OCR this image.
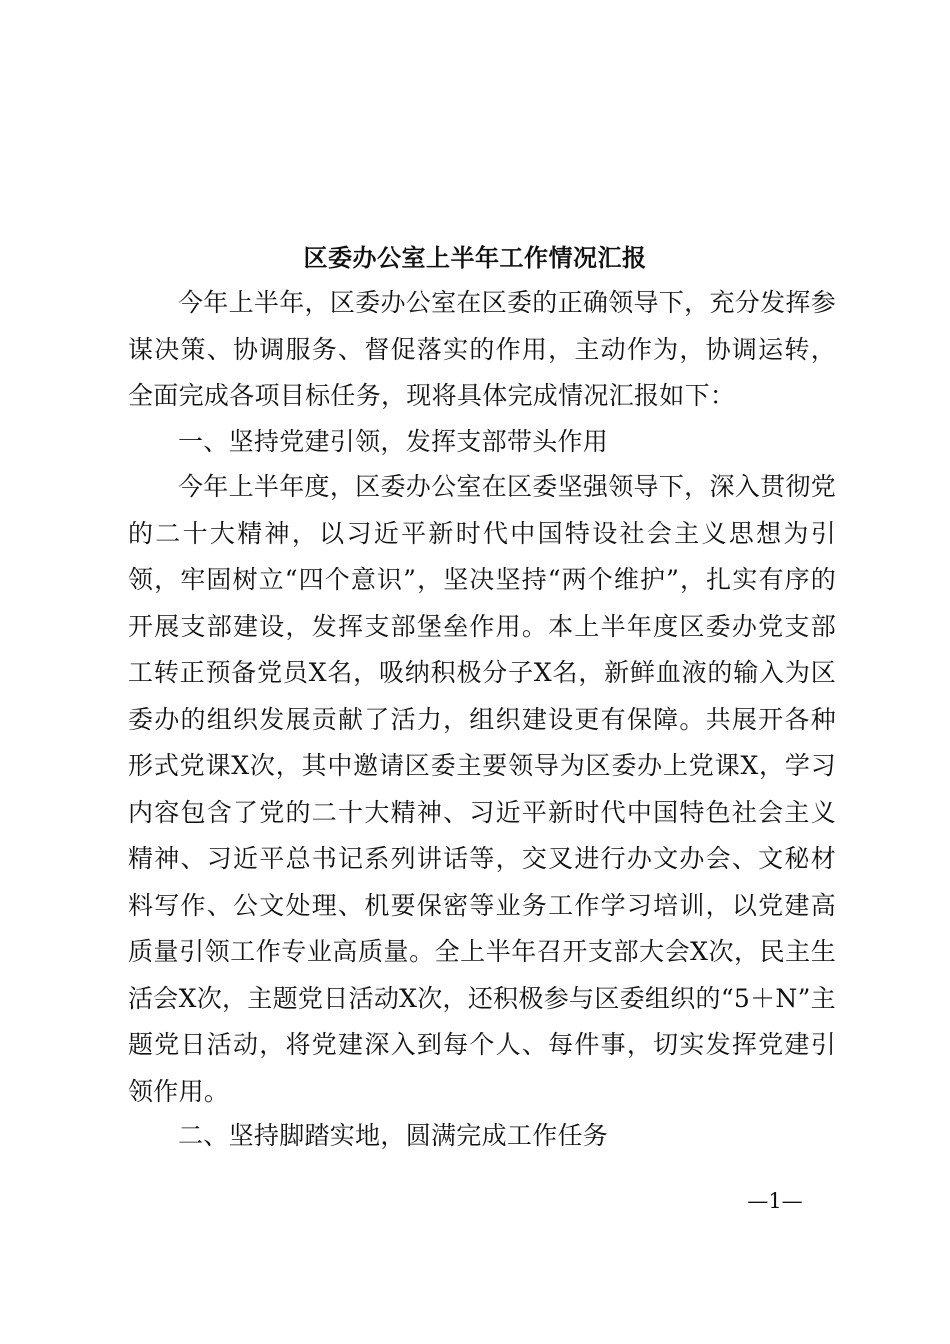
区委办公室上半年工作情况汇报

今年上半年，区委办公室在区委的正确领导下，充分发挥参谋决策、协调服务、督促落实的作用，主动作为，协调运转，全面完成各项目标任务，现将具体完成情况汇报如下：

一、坚持党建引领，发挥支部带头作用

今年上半年度，区委办公室在区委坚强领导下，深入贯彻党的二十大精神，以习近平新时代中国特设社会主义思想为引领，牢固树立“四个意识”，坚决坚持“两个维护”，扎实有序的开展支部建设，发挥支部堡垒作用。本上半年度区委办党支部工转正预备党员X名，吸纳积极分子X名，新鲜血液的输入为区委办的组织发展贡献了活力，组织建设更有保障。共展开各种形式党课X次，其中邀请区委主要领导为区委办上党课X，学习内容包含了党的二十大精神、习近平新时代中国特色社会主义精神、习近平总书记系列讲话等，交叉进行办文办会、文秘材料写作、公文处理、机要保密等业务工作学习培训，以党建高质量引领工作专业高质量。全上半年召开支部大会X次，民主生活会X次，主题党日活动X次，还积极参与区委组织的“5＋N”主题党日活动，将党建深入到每个人、每件事，切实发挥党建引领作用。

二、坚持脚踏实地，圆满完成工作任务

—1—
